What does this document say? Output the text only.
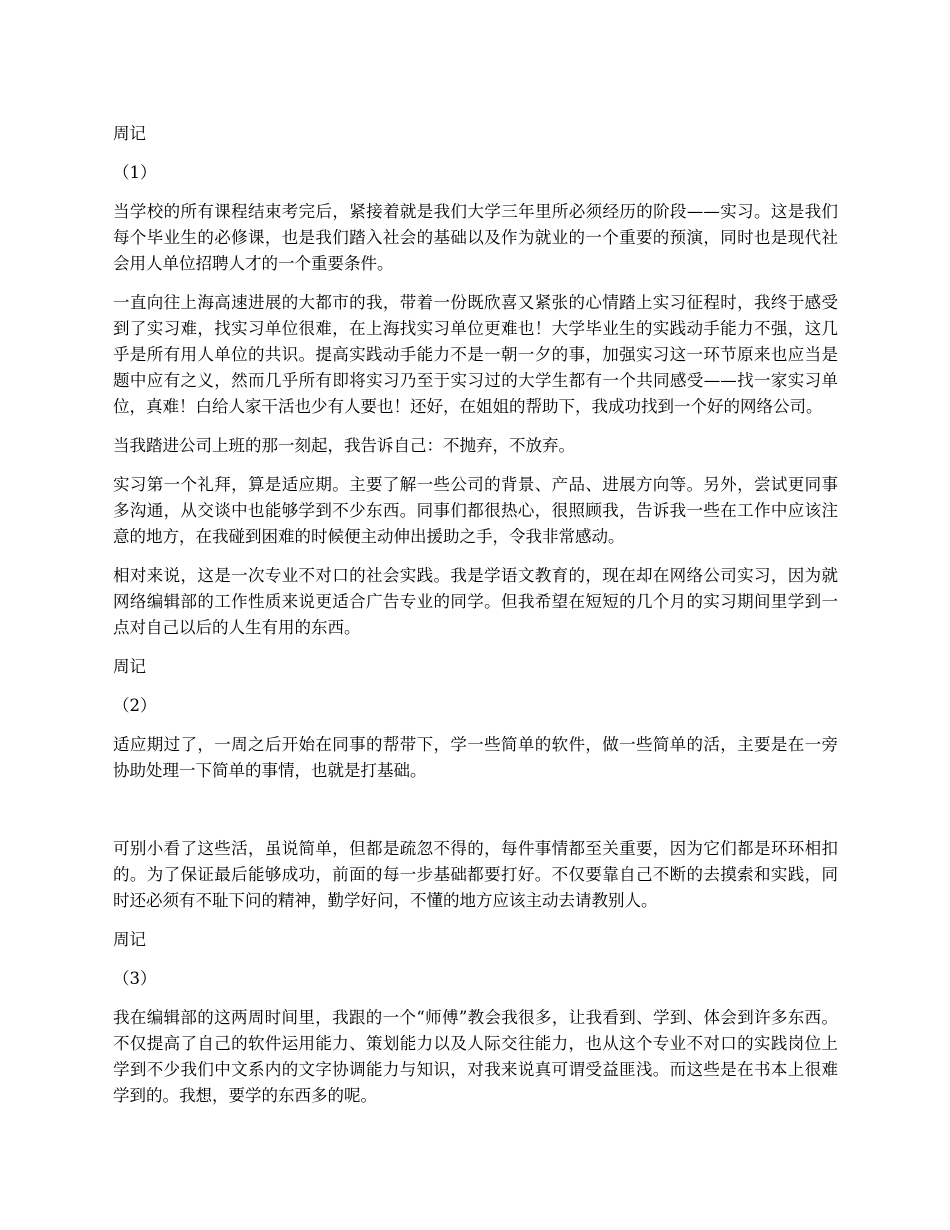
周记
（1）

当学校的所有课程结束考完后，紧接着就是我们大学三年里所必须经历的阶段——实习。这是我们每个毕业生的必修课，也是我们踏入社会的基础以及作为就业的一个重要的预演，同时也是现代社会用人单位招聘人才的一个重要条件。

一直向往上海高速进展的大都市的我，带着一份既欣喜又紧张的心情踏上实习征程时，我终于感受到了实习难，找实习单位很难，在上海找实习单位更难也！大学毕业生的实践动手能力不强，这几乎是所有用人单位的共识。提高实践动手能力不是一朝一夕的事，加强实习这一环节原来也应当是题中应有之义，然而几乎所有即将实习乃至于实习过的大学生都有一个共同感受——找一家实习单位，真难！白给人家干活也少有人要也！还好，在姐姐的帮助下，我成功找到一个好的网络公司。

当我踏进公司上班的那一刻起，我告诉自己：不抛弃，不放弃。

实习第一个礼拜，算是适应期。主要了解一些公司的背景、产品、进展方向等。另外，尝试更同事多沟通，从交谈中也能够学到不少东西。同事们都很热心，很照顾我，告诉我一些在工作中应该注意的地方，在我碰到困难的时候便主动伸出援助之手，令我非常感动。

相对来说，这是一次专业不对口的社会实践。我是学语文教育的，现在却在网络公司实习，因为就网络编辑部的工作性质来说更适合广告专业的同学。但我希望在短短的几个月的实习期间里学到一点对自己以后的人生有用的东西。

周记
（2）

适应期过了，一周之后开始在同事的帮带下，学一些简单的软件，做一些简单的活，主要是在一旁协助处理一下简单的事情，也就是打基础。

可别小看了这些活，虽说简单，但都是疏忽不得的，每件事情都至关重要，因为它们都是环环相扣的。为了保证最后能够成功，前面的每一步基础都要打好。不仅要靠自己不断的去摸索和实践，同时还必须有不耻下问的精神，勤学好问，不懂的地方应该主动去请教别人。

周记
（3）

我在编辑部的这两周时间里，我跟的一个“师傅”教会我很多，让我看到、学到、体会到许多东西。不仅提高了自己的软件运用能力、策划能力以及人际交往能力，也从这个专业不对口的实践岗位上学到不少我们中文系内的文字协调能力与知识，对我来说真可谓受益匪浅。而这些是在书本上很难学到的。我想，要学的东西多的呢。
